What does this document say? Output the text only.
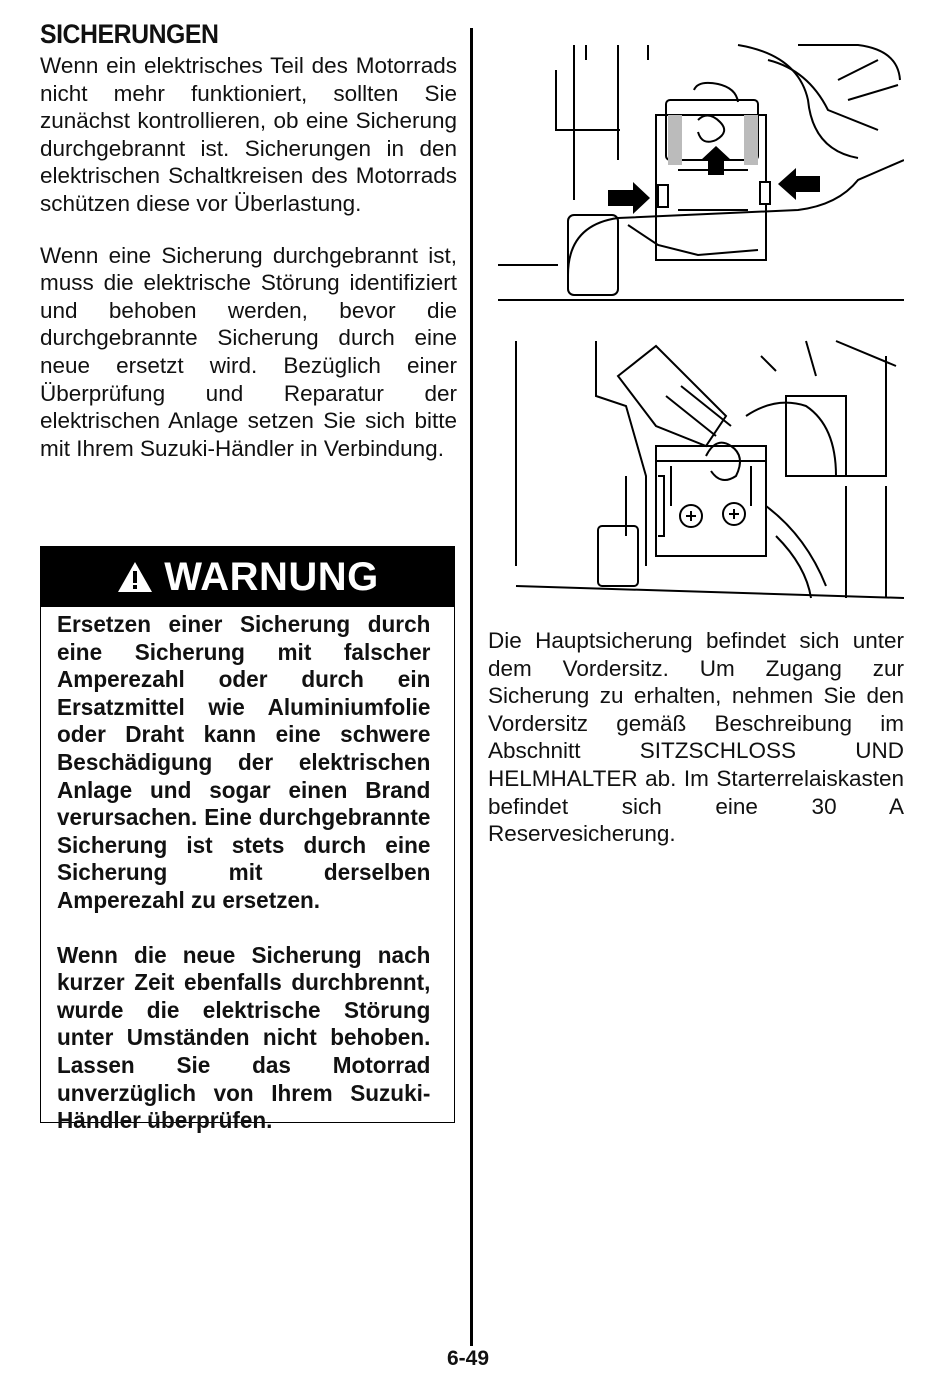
SICHERUNGEN

Wenn ein elektrisches Teil des Motorrads nicht mehr funktioniert, sollten Sie zunächst kontrollieren, ob eine Sicherung durchgebrannt ist. Sicherungen in den elektrischen Schaltkreisen des Motorrads schützen diese vor Überlastung.

Wenn eine Sicherung durchgebrannt ist, muss die elektrische Störung identifiziert und behoben werden, bevor die durchgebrannte Sicherung durch eine neue ersetzt wird. Bezüglich einer Überprüfung und Reparatur der elektrischen Anlage setzen Sie sich bitte mit Ihrem Suzuki-Händler in Verbindung.

WARNUNG

Ersetzen einer Sicherung durch eine Sicherung mit falscher Amperezahl oder durch ein Ersatzmittel wie Aluminiumfolie oder Draht kann eine schwere Beschädigung der elektrischen Anlage und sogar einen Brand verursachen. Eine durchgebrannte Sicherung ist stets durch eine Sicherung mit derselben Amperezahl zu ersetzen.

Wenn die neue Sicherung nach kurzer Zeit ebenfalls durchbrennt, wurde die elektrische Störung unter Umständen nicht behoben. Lassen Sie das Motorrad unverzüglich von Ihrem Suzuki-Händler überprüfen.

Die Hauptsicherung befindet sich unter dem Vordersitz. Um Zugang zur Sicherung zu erhalten, nehmen Sie den Vordersitz gemäß Beschreibung im Abschnitt SITZSCHLOSS UND HELMHALTER ab. Im Starterrelaiskasten befindet sich eine 30 A Reservesicherung.

6-49
